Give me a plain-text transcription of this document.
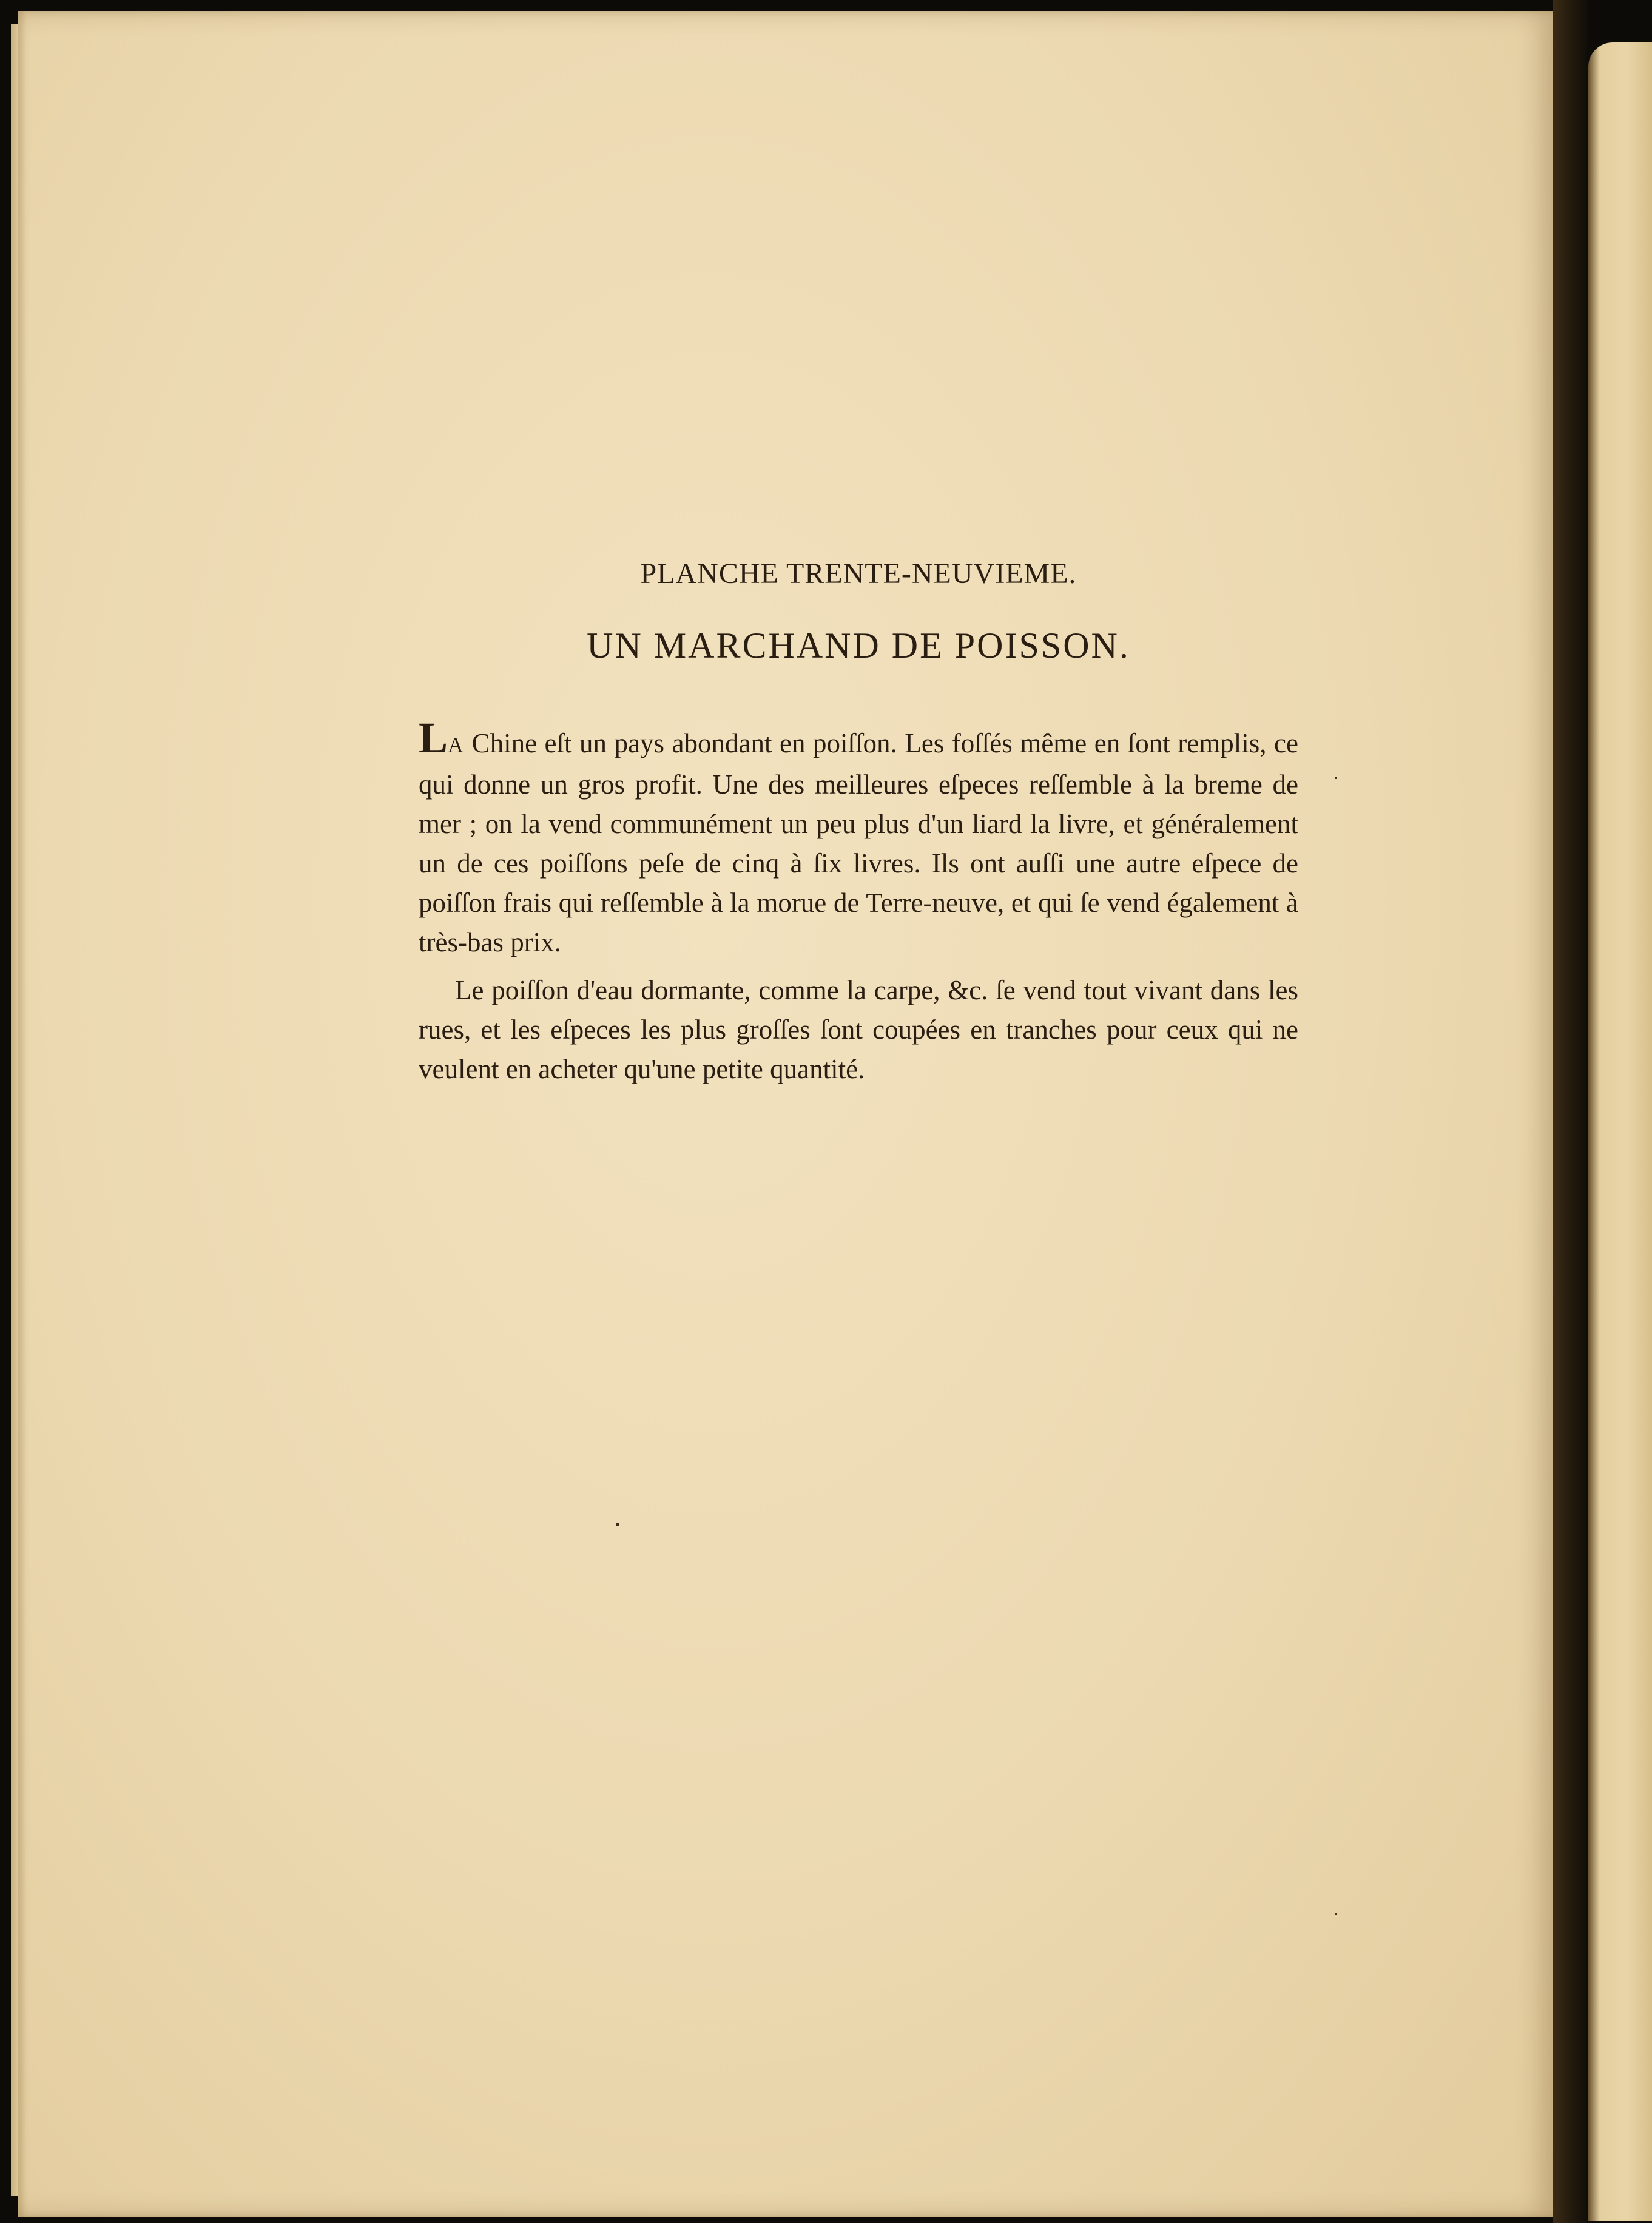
PLANCHE TRENTE-NEUVIEME.
UN MARCHAND DE POISSON.

LA Chine eſt un pays abondant en poiſſon. Les foſſés même en ſont remplis, ce qui donne un gros profit. Une des meilleures eſpeces reſſemble à la breme de mer ; on la vend communément un peu plus d'un liard la livre, et généralement un de ces poiſſons peſe de cinq à ſix livres. Ils ont auſſi une autre eſpece de poiſſon frais qui reſſemble à la morue de Terre-neuve, et qui ſe vend également à très-bas prix.

Le poiſſon d'eau dormante, comme la carpe, &c. ſe vend tout vivant dans les rues, et les eſpeces les plus groſſes ſont coupées en tranches pour ceux qui ne veulent en acheter qu'une petite quantité.
